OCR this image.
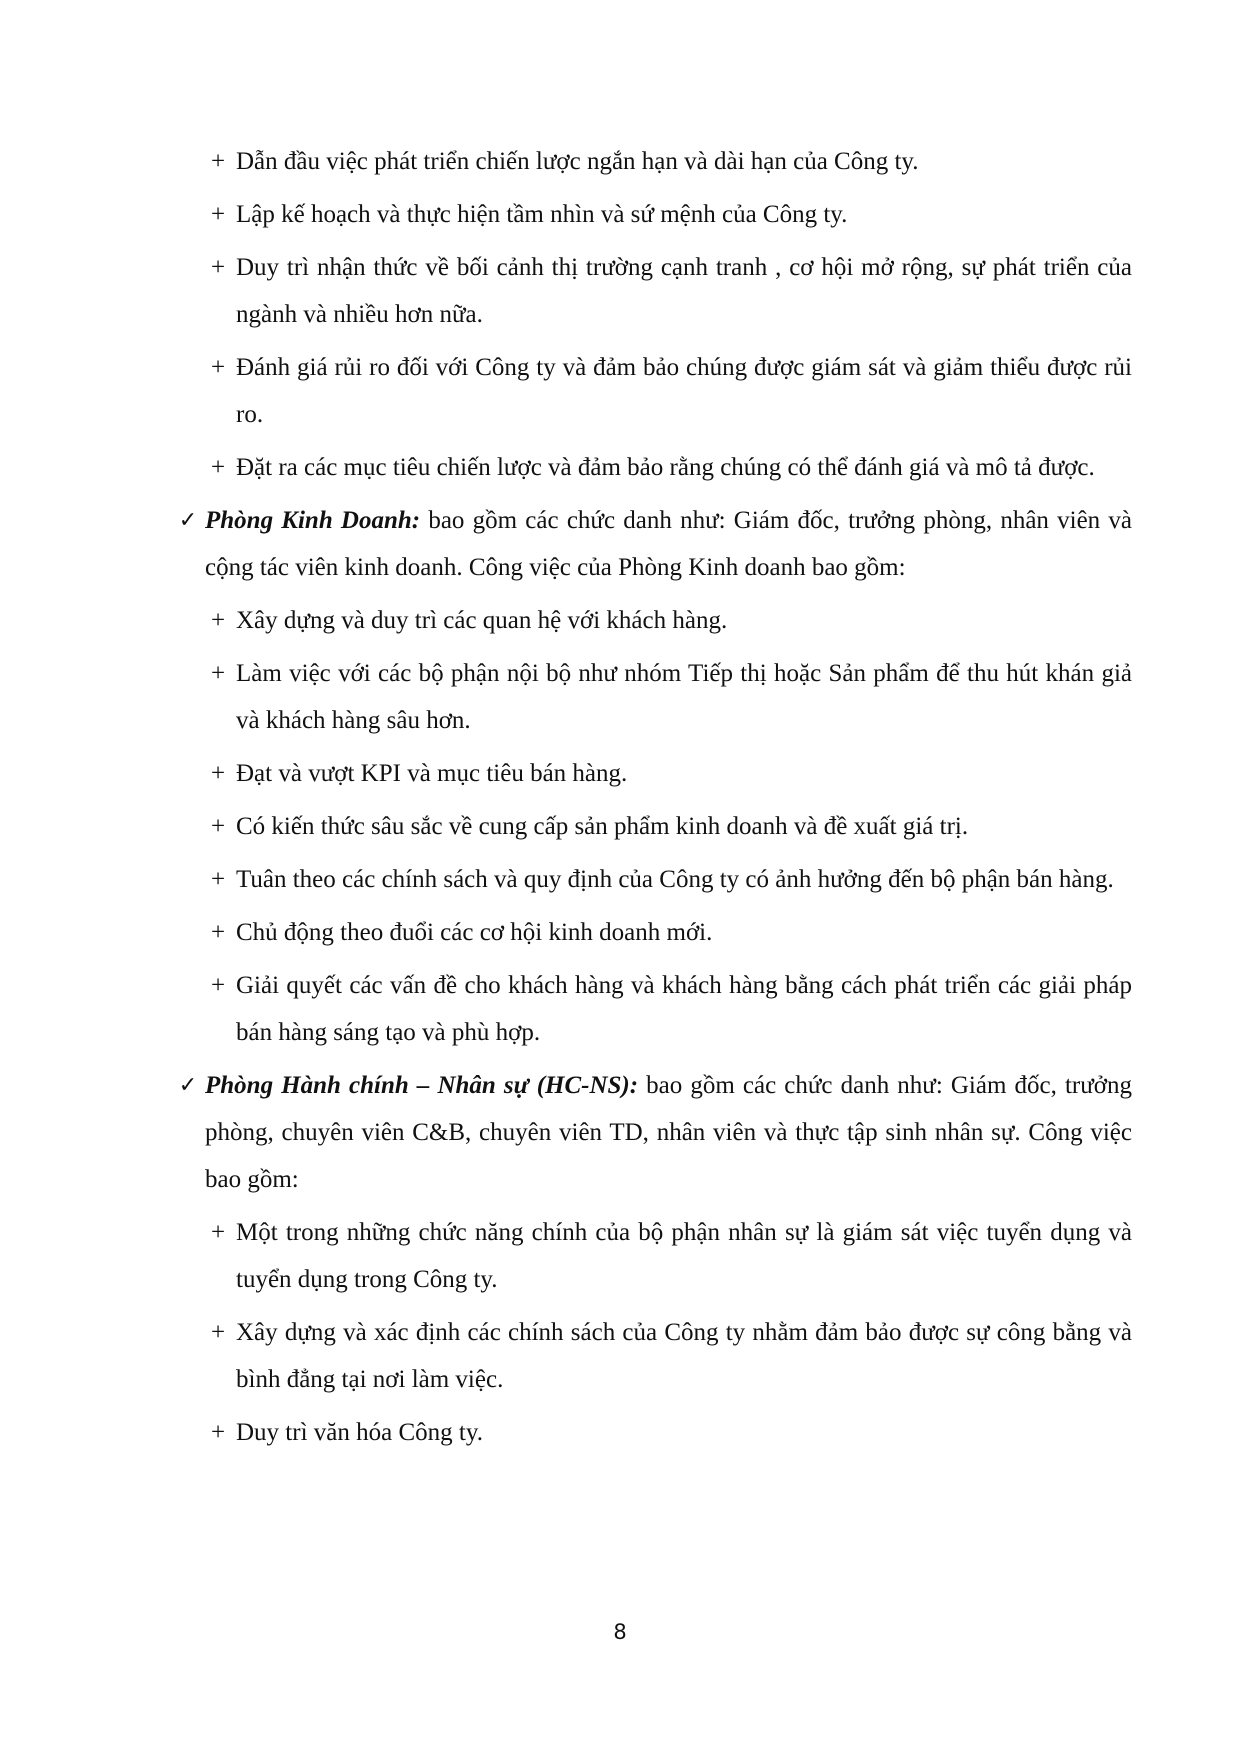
+ Dẫn đầu việc phát triển chiến lược ngắn hạn và dài hạn của Công ty.
+ Lập kế hoạch và thực hiện tầm nhìn và sứ mệnh của Công ty.
+ Duy trì nhận thức về bối cảnh thị trường cạnh tranh , cơ hội mở rộng, sự phát triển của ngành và nhiều hơn nữa.
+ Đánh giá rủi ro đối với Công ty và đảm bảo chúng được giám sát và giảm thiểu được rủi ro.
+ Đặt ra các mục tiêu chiến lược và đảm bảo rằng chúng có thể đánh giá và mô tả được.
✓ Phòng Kinh Doanh: bao gồm các chức danh như: Giám đốc, trưởng phòng, nhân viên và cộng tác viên kinh doanh. Công việc của Phòng Kinh doanh bao gồm:
+ Xây dựng và duy trì các quan hệ với khách hàng.
+ Làm việc với các bộ phận nội bộ như nhóm Tiếp thị hoặc Sản phẩm để thu hút khán giả và khách hàng sâu hơn.
+ Đạt và vượt KPI và mục tiêu bán hàng.
+ Có kiến thức sâu sắc về cung cấp sản phẩm kinh doanh và đề xuất giá trị.
+ Tuân theo các chính sách và quy định của Công ty có ảnh hưởng đến bộ phận bán hàng.
+ Chủ động theo đuổi các cơ hội kinh doanh mới.
+ Giải quyết các vấn đề cho khách hàng và khách hàng bằng cách phát triển các giải pháp bán hàng sáng tạo và phù hợp.
✓ Phòng Hành chính – Nhân sự (HC-NS): bao gồm các chức danh như: Giám đốc, trưởng phòng, chuyên viên C&B, chuyên viên TD, nhân viên và thực tập sinh nhân sự. Công việc bao gồm:
+ Một trong những chức năng chính của bộ phận nhân sự là giám sát việc tuyển dụng và tuyển dụng trong Công ty.
+ Xây dựng và xác định các chính sách của Công ty nhằm đảm bảo được sự công bằng và bình đẳng tại nơi làm việc.
+ Duy trì văn hóa Công ty.
8
